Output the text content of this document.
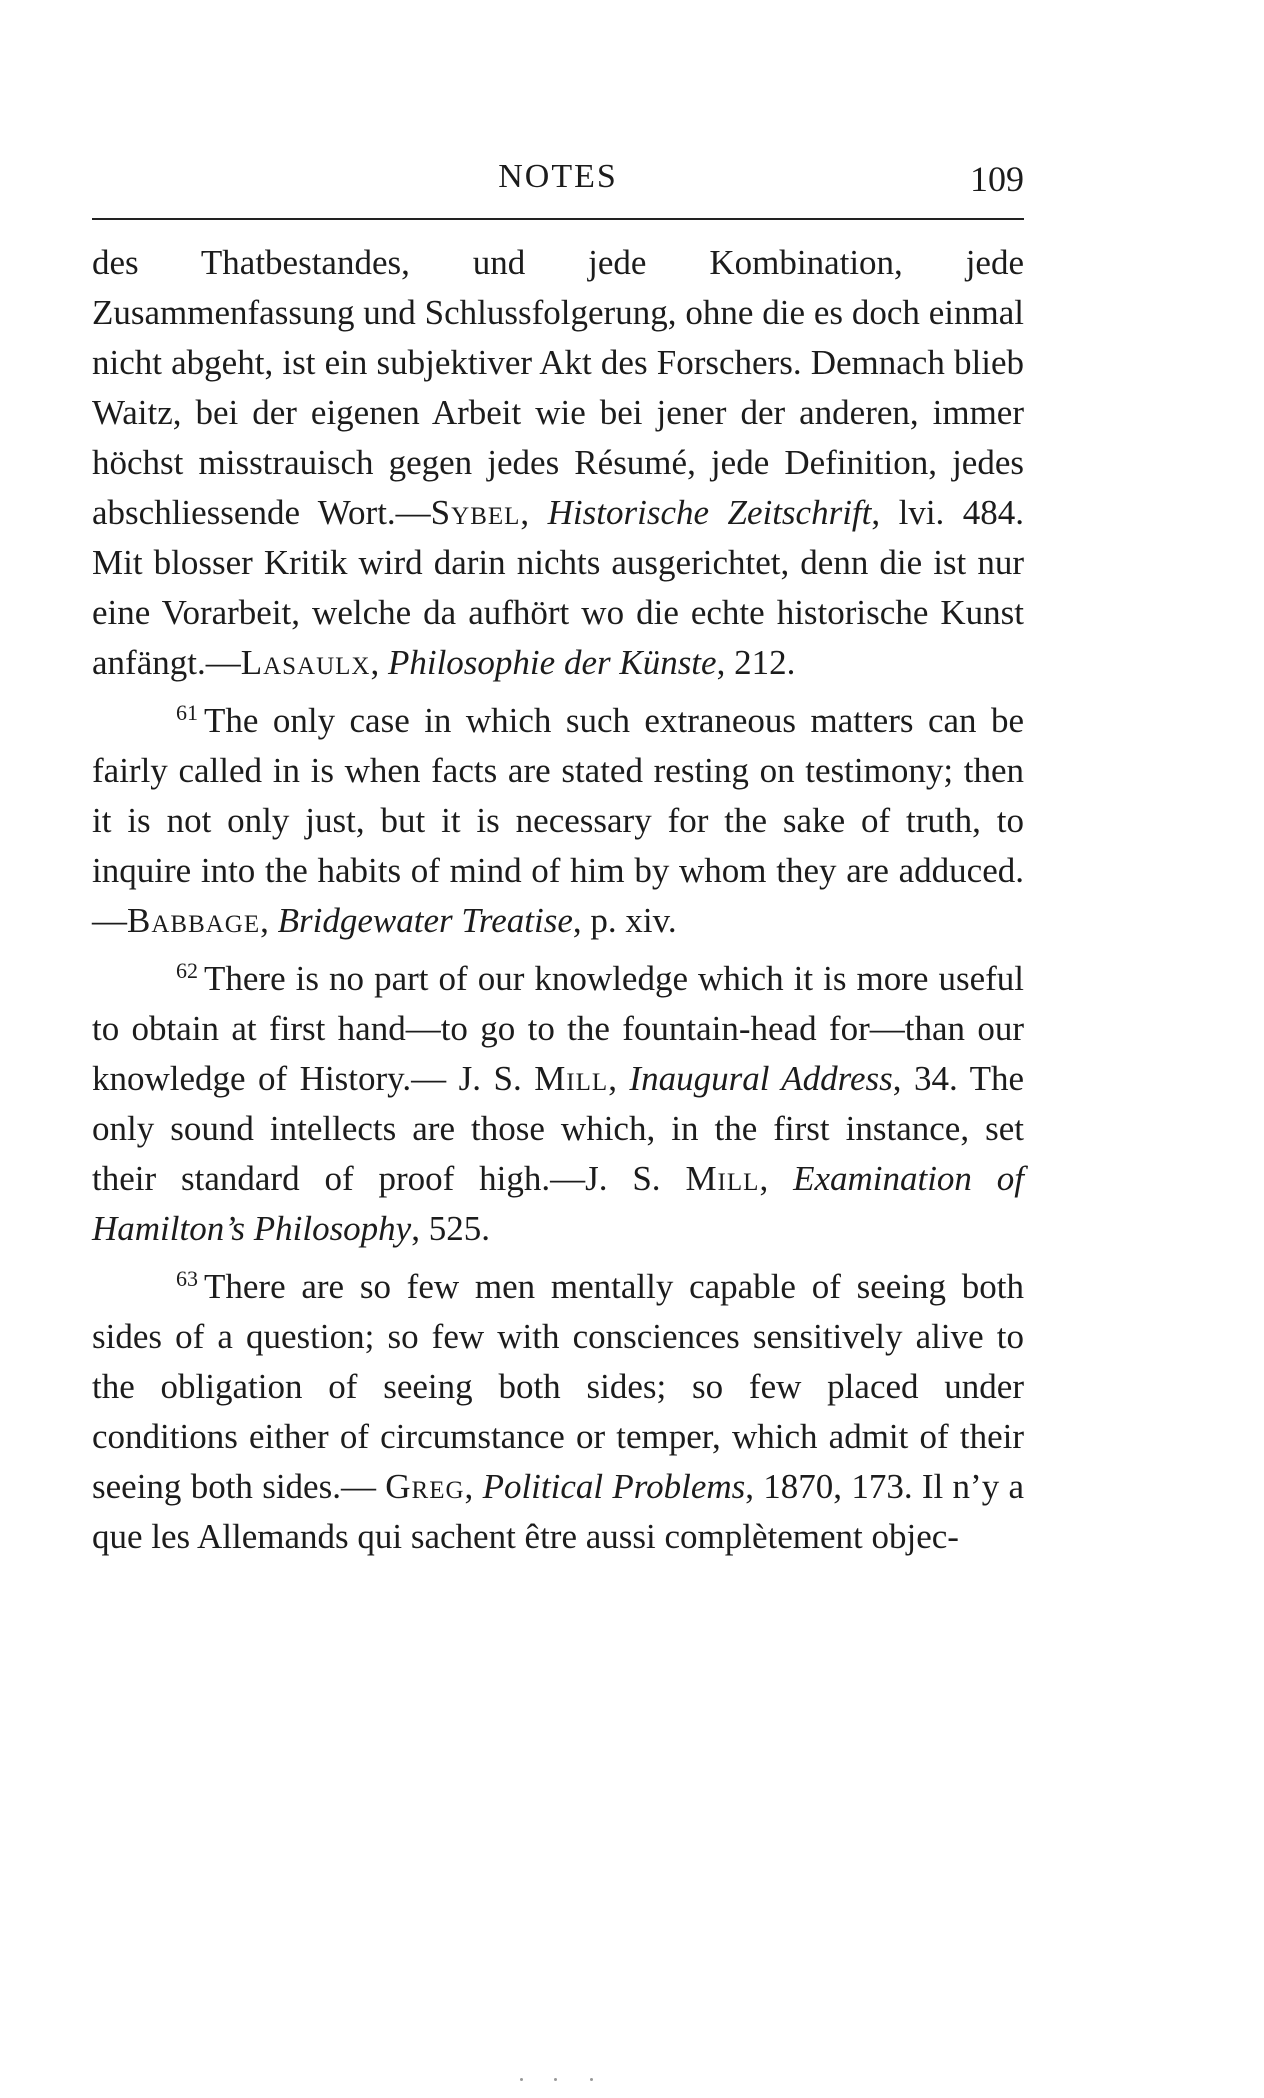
NOTES	109

des Thatbestandes, und jede Kombination, jede Zusammenfassung und Schlussfolgerung, ohne die es doch einmal nicht abgeht, ist ein subjektiver Akt des Forschers. Demnach blieb Waitz, bei der eigenen Arbeit wie bei jener der anderen, immer höchst misstrauisch gegen jedes Résumé, jede Definition, jedes abschliessende Wort.—Sybel, Historische Zeitschrift, lvi. 484. Mit blosser Kritik wird darin nichts ausgerichtet, denn die ist nur eine Vorarbeit, welche da aufhört wo die echte historische Kunst anfängt.—Lasaulx, Philosophie der Künste, 212.

$^{61}$ The only case in which such extraneous matters can be fairly called in is when facts are stated resting on testimony; then it is not only just, but it is necessary for the sake of truth, to inquire into the habits of mind of him by whom they are adduced. —Babbage, Bridgewater Treatise, p. xiv.

$^{62}$ There is no part of our knowledge which it is more useful to obtain at first hand—to go to the fountain-head for—than our knowledge of History.— J. S. Mill, Inaugural Address, 34. The only sound intellects are those which, in the first instance, set their standard of proof high.—J. S. Mill, Examination of Hamilton’s Philosophy, 525.

$^{63}$ There are so few men mentally capable of seeing both sides of a question; so few with consciences sensitively alive to the obligation of seeing both sides; so few placed under conditions either of circumstance or temper, which admit of their seeing both sides.— Greg, Political Problems, 1870, 173. Il n’y a que les Allemands qui sachent être aussi complètement objec-
